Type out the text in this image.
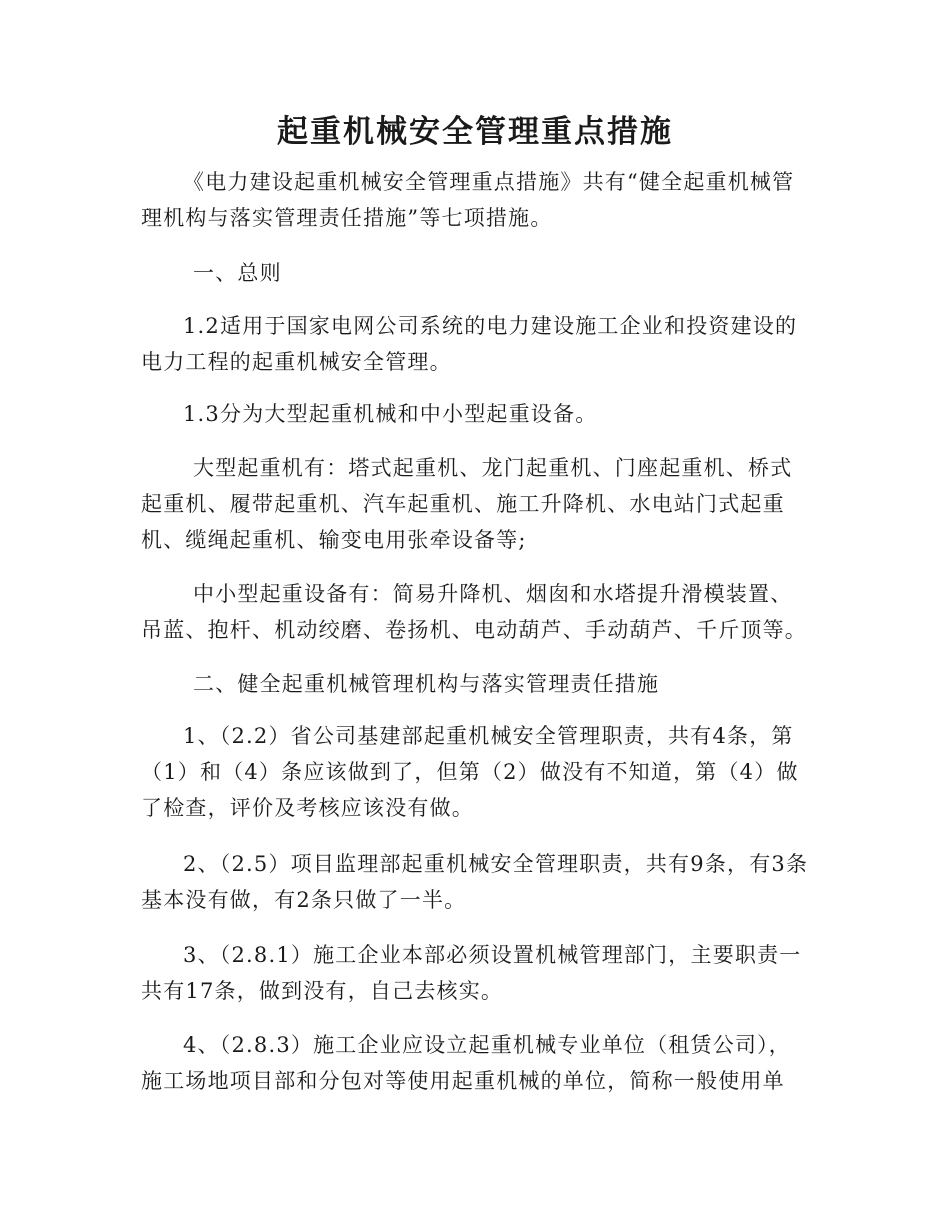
起重机械安全管理重点措施
《电力建设起重机械安全管理重点措施》共有“健全起重机械管理机构与落实管理责任措施”等七项措施。
一、总则
1.2适用于国家电网公司系统的电力建设施工企业和投资建设的电力工程的起重机械安全管理。
1.3分为大型起重机械和中小型起重设备。
大型起重机有：塔式起重机、龙门起重机、门座起重机、桥式起重机、履带起重机、汽车起重机、施工升降机、水电站门式起重机、缆绳起重机、输变电用张牵设备等;
中小型起重设备有：简易升降机、烟囱和水塔提升滑模装置、吊蓝、抱杆、机动绞磨、卷扬机、电动葫芦、手动葫芦、千斤顶等。
二、健全起重机械管理机构与落实管理责任措施
1、（2.2）省公司基建部起重机械安全管理职责，共有4条，第（1）和（4）条应该做到了，但第（2）做没有不知道，第（4）做了检查，评价及考核应该没有做。
2、（2.5）项目监理部起重机械安全管理职责，共有9条，有3条基本没有做，有2条只做了一半。
3、（2.8.1）施工企业本部必须设置机械管理部门，主要职责一共有17条，做到没有，自己去核实。
4、（2.8.3）施工企业应设立起重机械专业单位（租赁公司），施工场地项目部和分包对等使用起重机械的单位，简称一般使用单
